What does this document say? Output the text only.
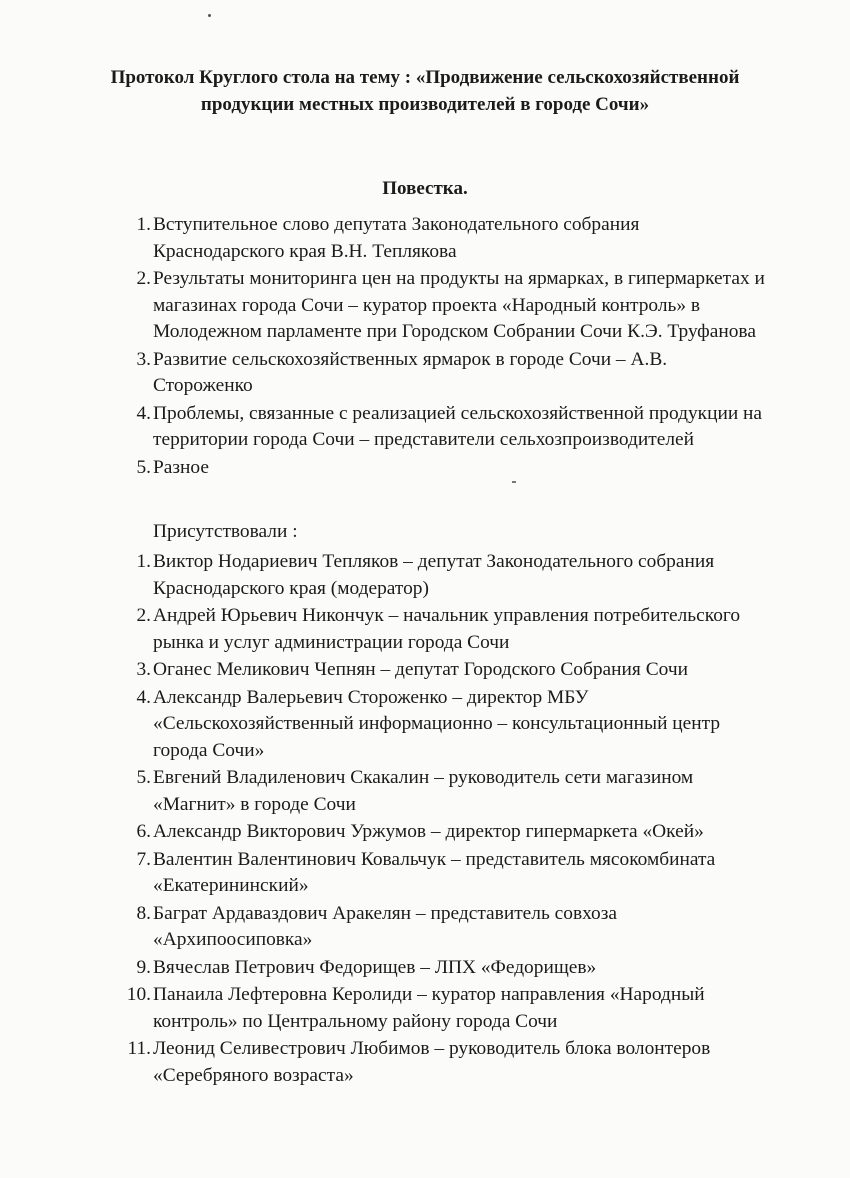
Протокол Круглого стола на тему : «Продвижение сельскохозяйственной
продукции местных производителей в городе Сочи»
Повестка.
1. Вступительное слово депутата Законодательного собрания Краснодарского края В.Н. Теплякова
2. Результаты мониторинга цен на продукты на ярмарках, в гипермаркетах и магазинах города Сочи – куратор проекта «Народный контроль» в Молодежном парламенте при Городском Собрании Сочи К.Э. Труфанова
3. Развитие сельскохозяйственных ярмарок в городе Сочи – А.В. Стороженко
4. Проблемы, связанные с реализацией сельскохозяйственной продукции на территории города Сочи – представители сельхозпроизводителей
5. Разное
Присутствовали :
1. Виктор Нодариевич Тепляков – депутат Законодательного собрания Краснодарского края (модератор)
2. Андрей Юрьевич Никончук – начальник управления потребительского рынка и услуг администрации города Сочи
3. Оганес Меликович Чепнян – депутат Городского Собрания Сочи
4. Александр Валерьевич Стороженко – директор МБУ «Сельскохозяйственный информационно – консультационный центр города Сочи»
5. Евгений Владиленович Скакалин – руководитель сети магазином «Магнит» в городе Сочи
6. Александр Викторович Уржумов – директор гипермаркета «Окей»
7. Валентин Валентинович Ковальчук – представитель мясокомбината «Екатерининский»
8. Баграт Ардаваздович Аракелян – представитель совхоза «Архипоосиповка»
9. Вячеслав Петрович Федорищев – ЛПХ «Федорищев»
10. Панаила Лефтеровна Керолиди – куратор направления «Народный контроль» по Центральному району города Сочи
11. Леонид Селивестрович Любимов – руководитель блока волонтеров «Серебряного возраста»
